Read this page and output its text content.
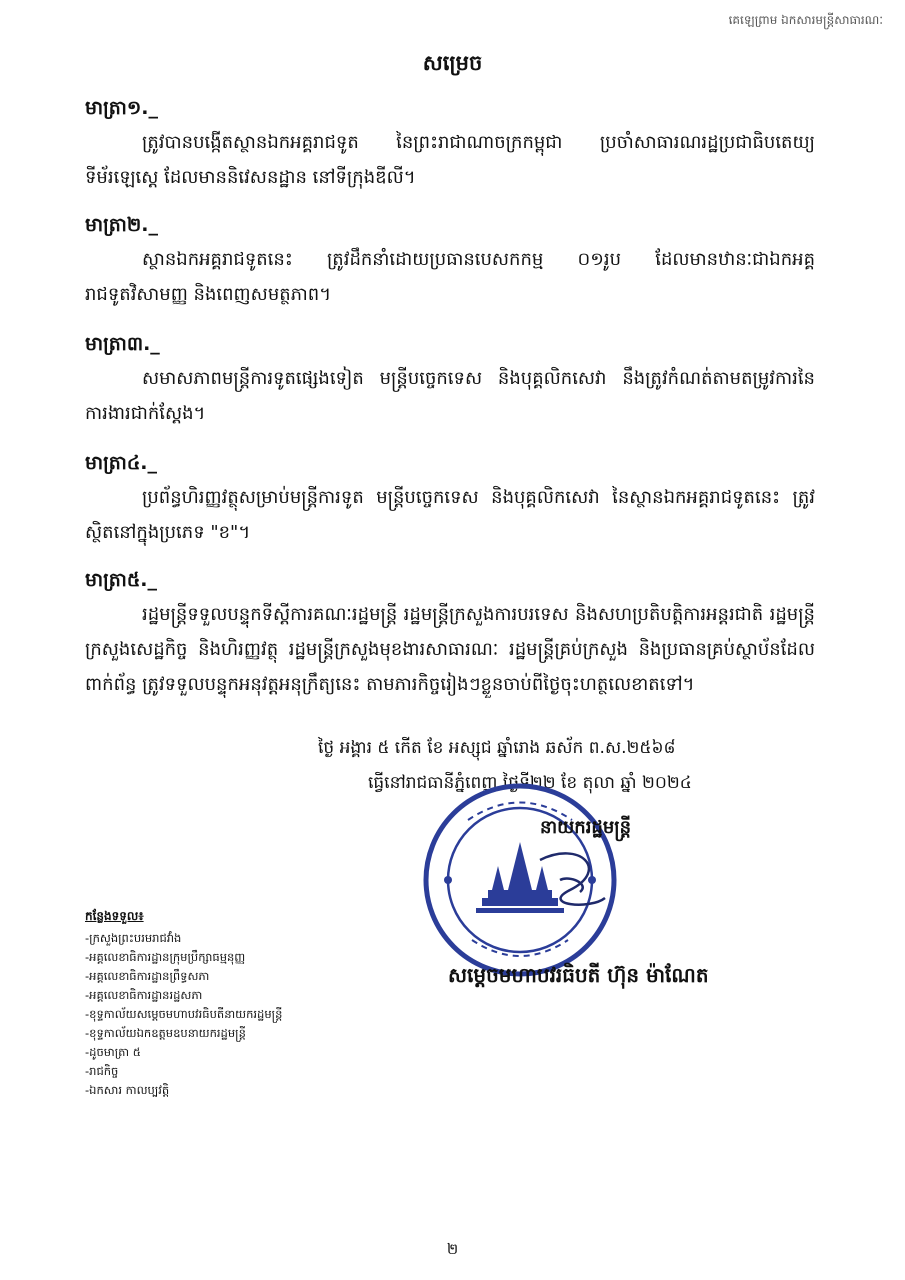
គេឡេព្រាម ឯកសារមន្ត្រីសាធារណៈ
សម្រេច
មាត្រា១._
ត្រូវបានបង្កើតស្ថានឯកអគ្គរាជទូត នៃព្រះរាជាណាចក្រកម្ពុជា ប្រចាំសាធារណរដ្ឋប្រជាធិបតេយ្យ ទីម័រឡេស្តេ ដែលមាននិវេសនដ្ឋាន នៅទីក្រុងឌីលី។
មាត្រា២._
ស្ថានឯកអគ្គរាជទូតនេះ ត្រូវដឹកនាំដោយប្រធានបេសកកម្ម ០១រូប ដែលមានឋានៈជាឯកអគ្គរាជទូតវិសាមញ្ញ និងពេញសមត្ថភាព។
មាត្រា៣._
សមាសភាពមន្ត្រីការទូតផ្សេងទៀត មន្ត្រីបច្ចេកទេស និងបុគ្គលិកសេវា នឹងត្រូវកំណត់តាមតម្រូវការនៃការងារជាក់ស្តែង។
មាត្រា៤._
ប្រព័ន្ធហិរញ្ញវត្ថុសម្រាប់មន្ត្រីការទូត មន្ត្រីបច្ចេកទេស និងបុគ្គលិកសេវា នៃស្ថានឯកអគ្គរាជទូតនេះ ត្រូវស្ថិតនៅក្នុងប្រភេទ "ខ"។
មាត្រា៥._
រដ្ឋមន្ត្រីទទួលបន្ទុកទីស្តីការគណៈរដ្ឋមន្ត្រី រដ្ឋមន្ត្រីក្រសួងការបរទេស និងសហប្រតិបត្តិការអន្តរជាតិ រដ្ឋមន្ត្រីក្រសួងសេដ្ឋកិច្ច និងហិរញ្ញវត្ថុ រដ្ឋមន្ត្រីក្រសួងមុខងារសាធារណៈ រដ្ឋមន្ត្រីគ្រប់ក្រសួង និងប្រធានគ្រប់ស្ថាប័នដែលពាក់ព័ន្ធ ត្រូវទទួលបន្ទុកអនុវត្តអនុក្រឹត្យនេះ តាមភារកិច្ចរៀងៗខ្លួនចាប់ពីថ្ងៃចុះហត្ថលេខាតទៅ។
ថ្ងៃ អង្គារ ៥ កើត ខែ អស្សុជ ឆ្នាំរោង ឆស័ក ព.ស.២៥៦៨
ធ្វើនៅរាជធានីភ្នំពេញ ថ្ងៃទី២២ ខែ តុលា ឆ្នាំ ២០២៤
នាយករដ្ឋមន្ត្រី
សម្តេចមហាបវរធិបតី ហ៊ុន ម៉ាណែត
កន្លែងទទួល៖
-ក្រសួងព្រះបរមរាជវាំង
-អគ្គលេខាធិការដ្ឋានក្រុមប្រឹក្សាធម្មនុញ្ញ
-អគ្គលេខាធិការដ្ឋានព្រឹទ្ធសភា
-អគ្គលេខាធិការដ្ឋានរដ្ឋសភា
-ខុទ្ទកាល័យសម្តេចមហាបវរធិបតីនាយករដ្ឋមន្ត្រី
-ខុទ្ទកាល័យឯកឧត្តមឧបនាយករដ្ឋមន្ត្រី
-ដូចមាត្រា ៥
-រាជកិច្ច
-ឯកសារ កាលប្បវត្តិ
២
